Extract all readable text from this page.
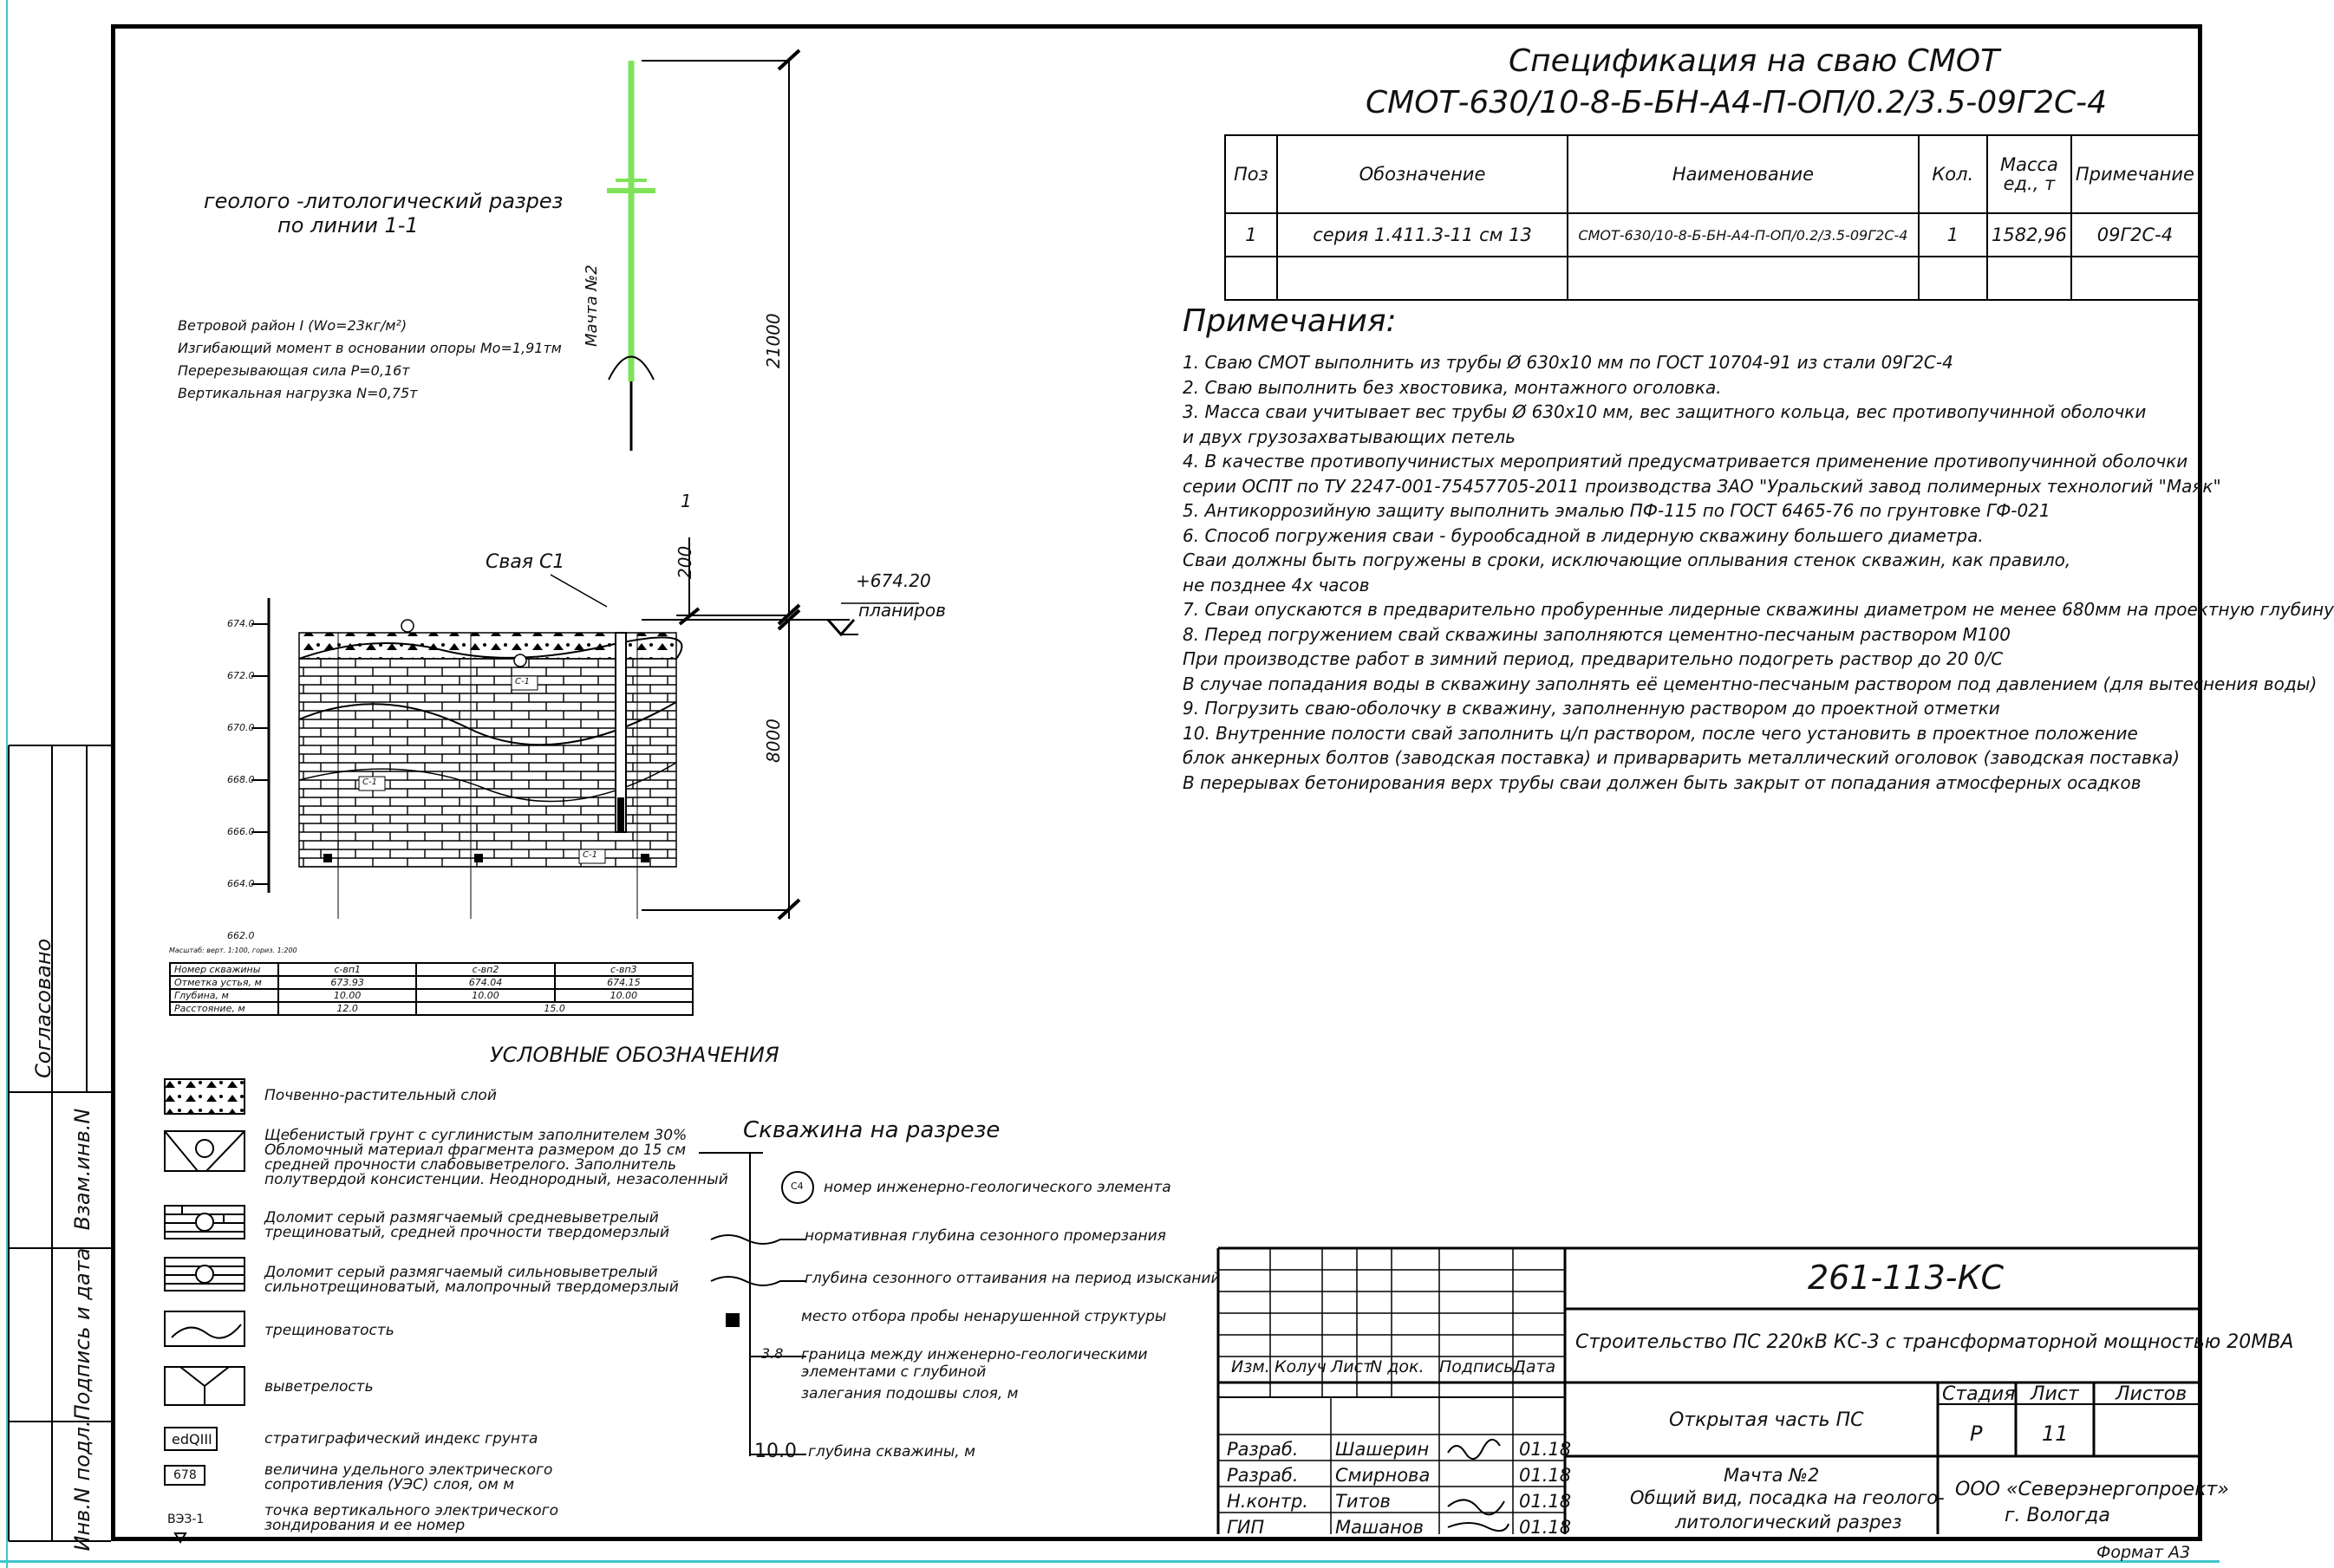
Согласовано
Взам.инв.N
Подпись и дата
Инв.N подл.
Спецификация на сваю СМОТ
СМОТ-630/10-8-Б-БН-А4-П-ОП/0.2/3.5-09Г2С-4
Поз	Обозначение	Наименование	Кол.	Масса ед., т	Примечание
1	серия 1.411.3-11 см 13	СМОТ-630/10-8-Б-БН-А4-П-ОП/0.2/3.5-09Г2С-4	1	1582,96	09Г2С-4

Примечания:
1. Сваю СМОТ выполнить из трубы Ø 630х10 мм по ГОСТ 10704-91 из стали 09Г2С-4
2. Сваю выполнить без хвостовика, монтажного оголовка.
3. Масса сваи учитывает вес трубы Ø 630х10 мм, вес защитного кольца, вес противопучинной оболочки
и двух грузозахватывающих петель
4. В качестве противопучинистых мероприятий предусматривается применение противопучинной оболочки
серии ОСПТ по ТУ 2247-001-75457705-2011 производства ЗАО "Уральский завод полимерных технологий "Маяк"
5. Антикоррозийную защиту выполнить эмалью ПФ-115 по ГОСТ 6465-76 по грунтовке ГФ-021
6. Способ погружения сваи - бурообсадной в лидерную скважину большего диаметра.
Сваи должны быть погружены в сроки, исключающие оплывания стенок скважин, как правило,
не позднее 4х часов
7. Сваи опускаются в предварительно пробуренные лидерные скважины диаметром не менее 680мм на проектную глубину
8. Перед погружением свай скважины заполняются цементно-песчаным раствором М100
При производстве работ в зимний период, предварительно подогреть раствор до 20 0/С
В случае попадания воды в скважину заполнять её цементно-песчаным раствором под давлением (для вытеснения воды)
9. Погрузить сваю-оболочку в скважину, заполненную раствором до проектной отметки
10. Внутренние полости свай заполнить ц/п раствором, после чего установить в проектное положение
блок анкерных болтов (заводская поставка) и приварварить металлический оголовок (заводская поставка)
В перерывах бетонирования верх трубы сваи должен быть закрыт от попадания атмосферных осадков
геолого -литологический разрез
по линии 1-1
Ветровой район I (Wo=23кг/м²)
Изгибающий момент в основании опоры Мо=1,91тм
Перерезывающая сила Р=0,16т
Вертикальная нагрузка N=0,75т
Мачта №2
Свая С1
21000
8000
200
1
+674.20
планиров
674.0
672.0
670.0
668.0
666.0
664.0
662.0
Масштаб: верт. 1:100, гориз. 1:200
С-1
С-1
С-1
Номер скважины	с-вп1	с-вп2	с-вп3
Отметка устья, м	673.93	674.04	674.15
Глубина, м	10.00	10.00	10.00
Расстояние, м	12.0	15.0	
УСЛОВНЫЕ ОБОЗНАЧЕНИЯ
edQIII
678
ВЭЗ-1
Почвенно-растительный слой
Щебенистый грунт с суглинистым заполнителем 30%
Обломочный материал фрагмента размером до 15 см
средней прочности слабовыветрелого. Заполнитель
полутвердой консистенции. Неоднородный, незасоленный
Доломит серый размягчаемый средневыветрелый
трещиноватый, средней прочности твердомерзлый
Доломит серый размягчаемый сильновыветрелый
сильнотрещиноватый, малопрочный твердомерзлый
трещиноватость
выветрелость
стратиграфический индекс грунта
величина удельного электрического
сопротивления (УЭС) слоя, ом м
точка вертикального электрического
зондирования и ее номер
Скважина на разрезе
С4
3.8
10.0
номер инженерно-геологического элемента
нормативная глубина сезонного промерзания
глубина сезонного оттаивания на период изысканий
место отбора пробы ненарушенной структуры
граница между инженерно-геологическими
элементами с глубиной
залегания подошвы слоя, м
глубина скважины, м
261-113-КС
Строительство ПС 220кВ КС-3 с трансформаторной мощностью 20МВА
Изм. Колуч Лист
N док. Подпись Дата
Разраб. Шашерин	01.18
Разраб. Смирнова	01.18
Н.контр. Титов	01.18
ГИП	Машанов	01.18
Открытая часть ПС
Мачта №2
Общий вид, посадка на геолого-
литологический разрез
Стадия Лист Листов
Р	11
ООО «Северэнергопроект»
г. Вологда
Формат А3
